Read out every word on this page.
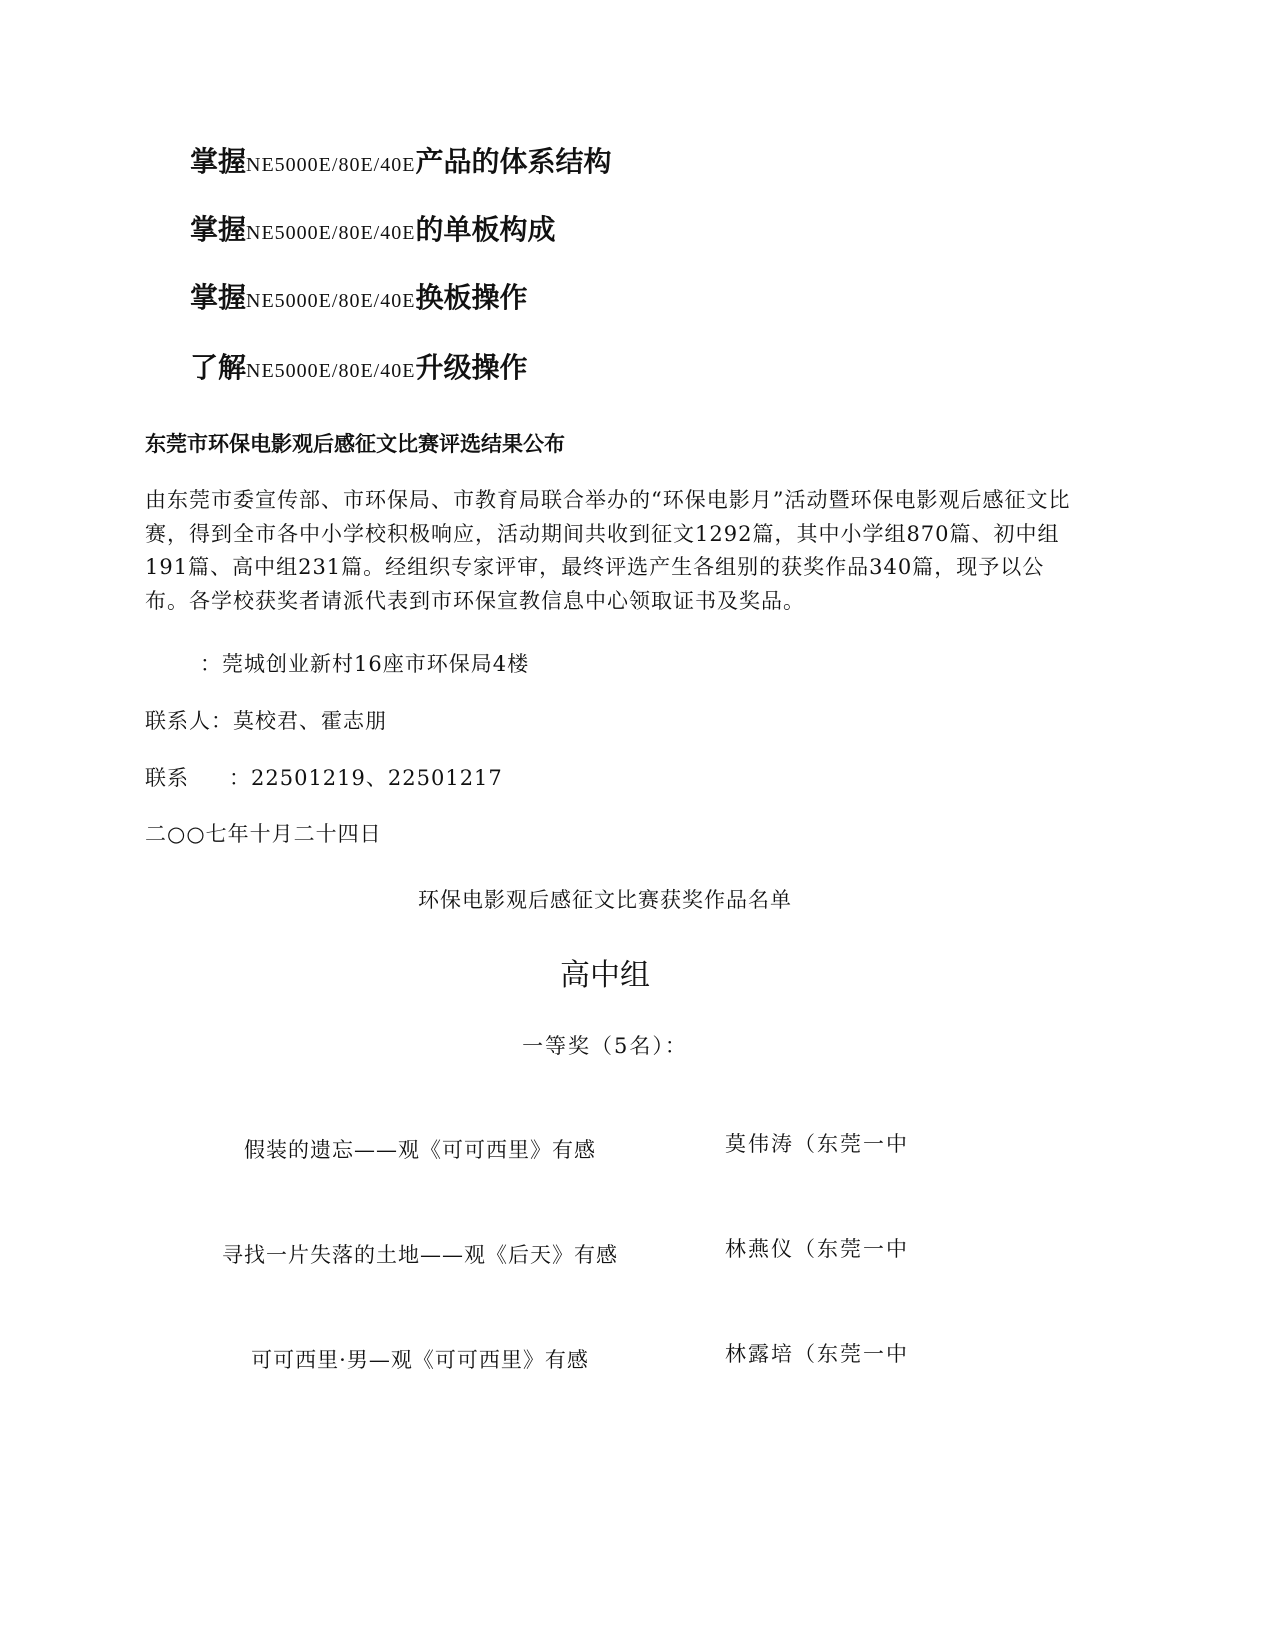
掌握NE5000E/80E/40E产品的体系结构
掌握NE5000E/80E/40E的单板构成
掌握NE5000E/80E/40E换板操作
了解NE5000E/80E/40E升级操作
东莞市环保电影观后感征文比赛评选结果公布
由东莞市委宣传部、市环保局、市教育局联合举办的“环保电影月”活动暨环保电影观后感征文比赛，得到全市各中小学校积极响应，活动期间共收到征文1292篇，其中小学组870篇、初中组191篇、高中组231篇。经组织专家评审，最终评选产生各组别的获奖作品340篇，现予以公布。各学校获奖者请派代表到市环保宣教信息中心领取证书及奖品。
：莞城创业新村16座市环保局4楼
联系人：莫校君、霍志朋
联系 ：22501219、22501217
二○○七年十月二十四日
环保电影观后感征文比赛获奖作品名单
高中组
一等奖（5名）：
假装的遗忘——观《可可西里》有感	莫伟涛（东莞一中
寻找一片失落的土地——观《后天》有感	林燕仪（东莞一中
可可西里·男—观《可可西里》有感	林露培（东莞一中
